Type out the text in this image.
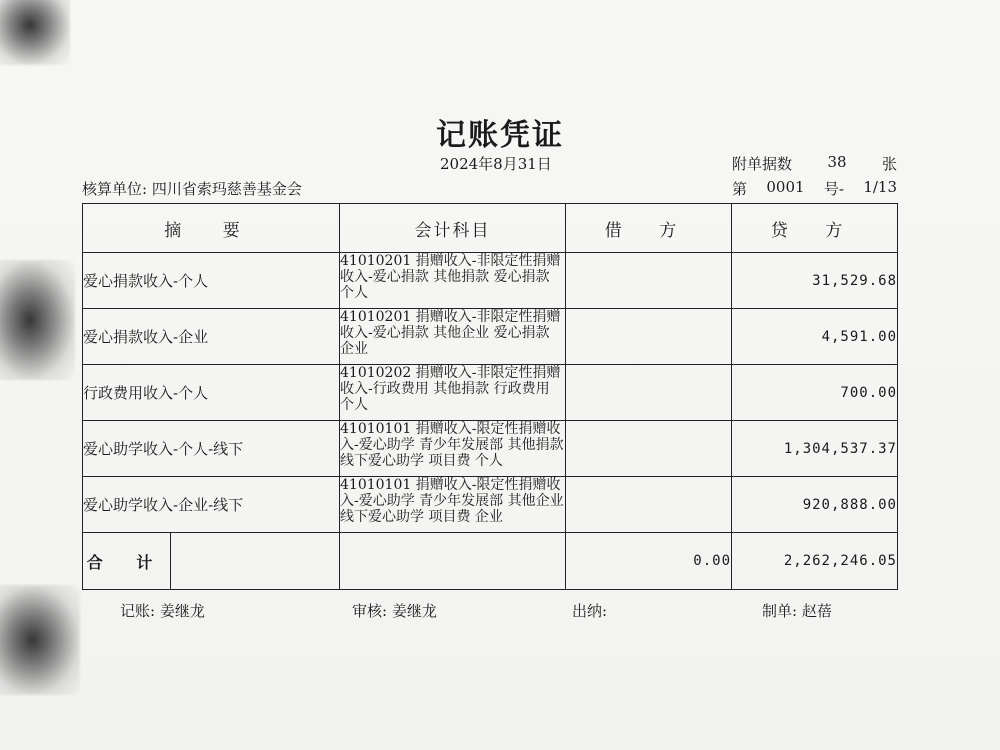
记账凭证
2024年8月31日	附单据数 38 张
核算单位: 四川省索玛慈善基金会	第 0001 号- 1/13
摘 要		会计科目	借 方	贷 方
爱心捐款收入-个人		41010201 捐赠收入-非限定性捐赠收入-爱心捐款 其他捐款 爱心捐款 个人		31,529.68
爱心捐款收入-企业		41010201 捐赠收入-非限定性捐赠收入-爱心捐款 其他企业 爱心捐款 企业		4,591.00
行政费用收入-个人		41010202 捐赠收入-非限定性捐赠收入-行政费用 其他捐款 行政费用 个人		700.00
爱心助学收入-个人-线下		41010101 捐赠收入-限定性捐赠收入-爱心助学 青少年发展部 其他捐款 线下爱心助学 项目费 个人		1,304,537.37
爱心助学收入-企业-线下		41010101 捐赠收入-限定性捐赠收入-爱心助学 青少年发展部 其他企业 线下爱心助学 项目费 企业		920,888.00
合 计			0.00	2,262,246.05
记账: 姜继龙	审核: 姜继龙	出纳:	制单: 赵蓓
